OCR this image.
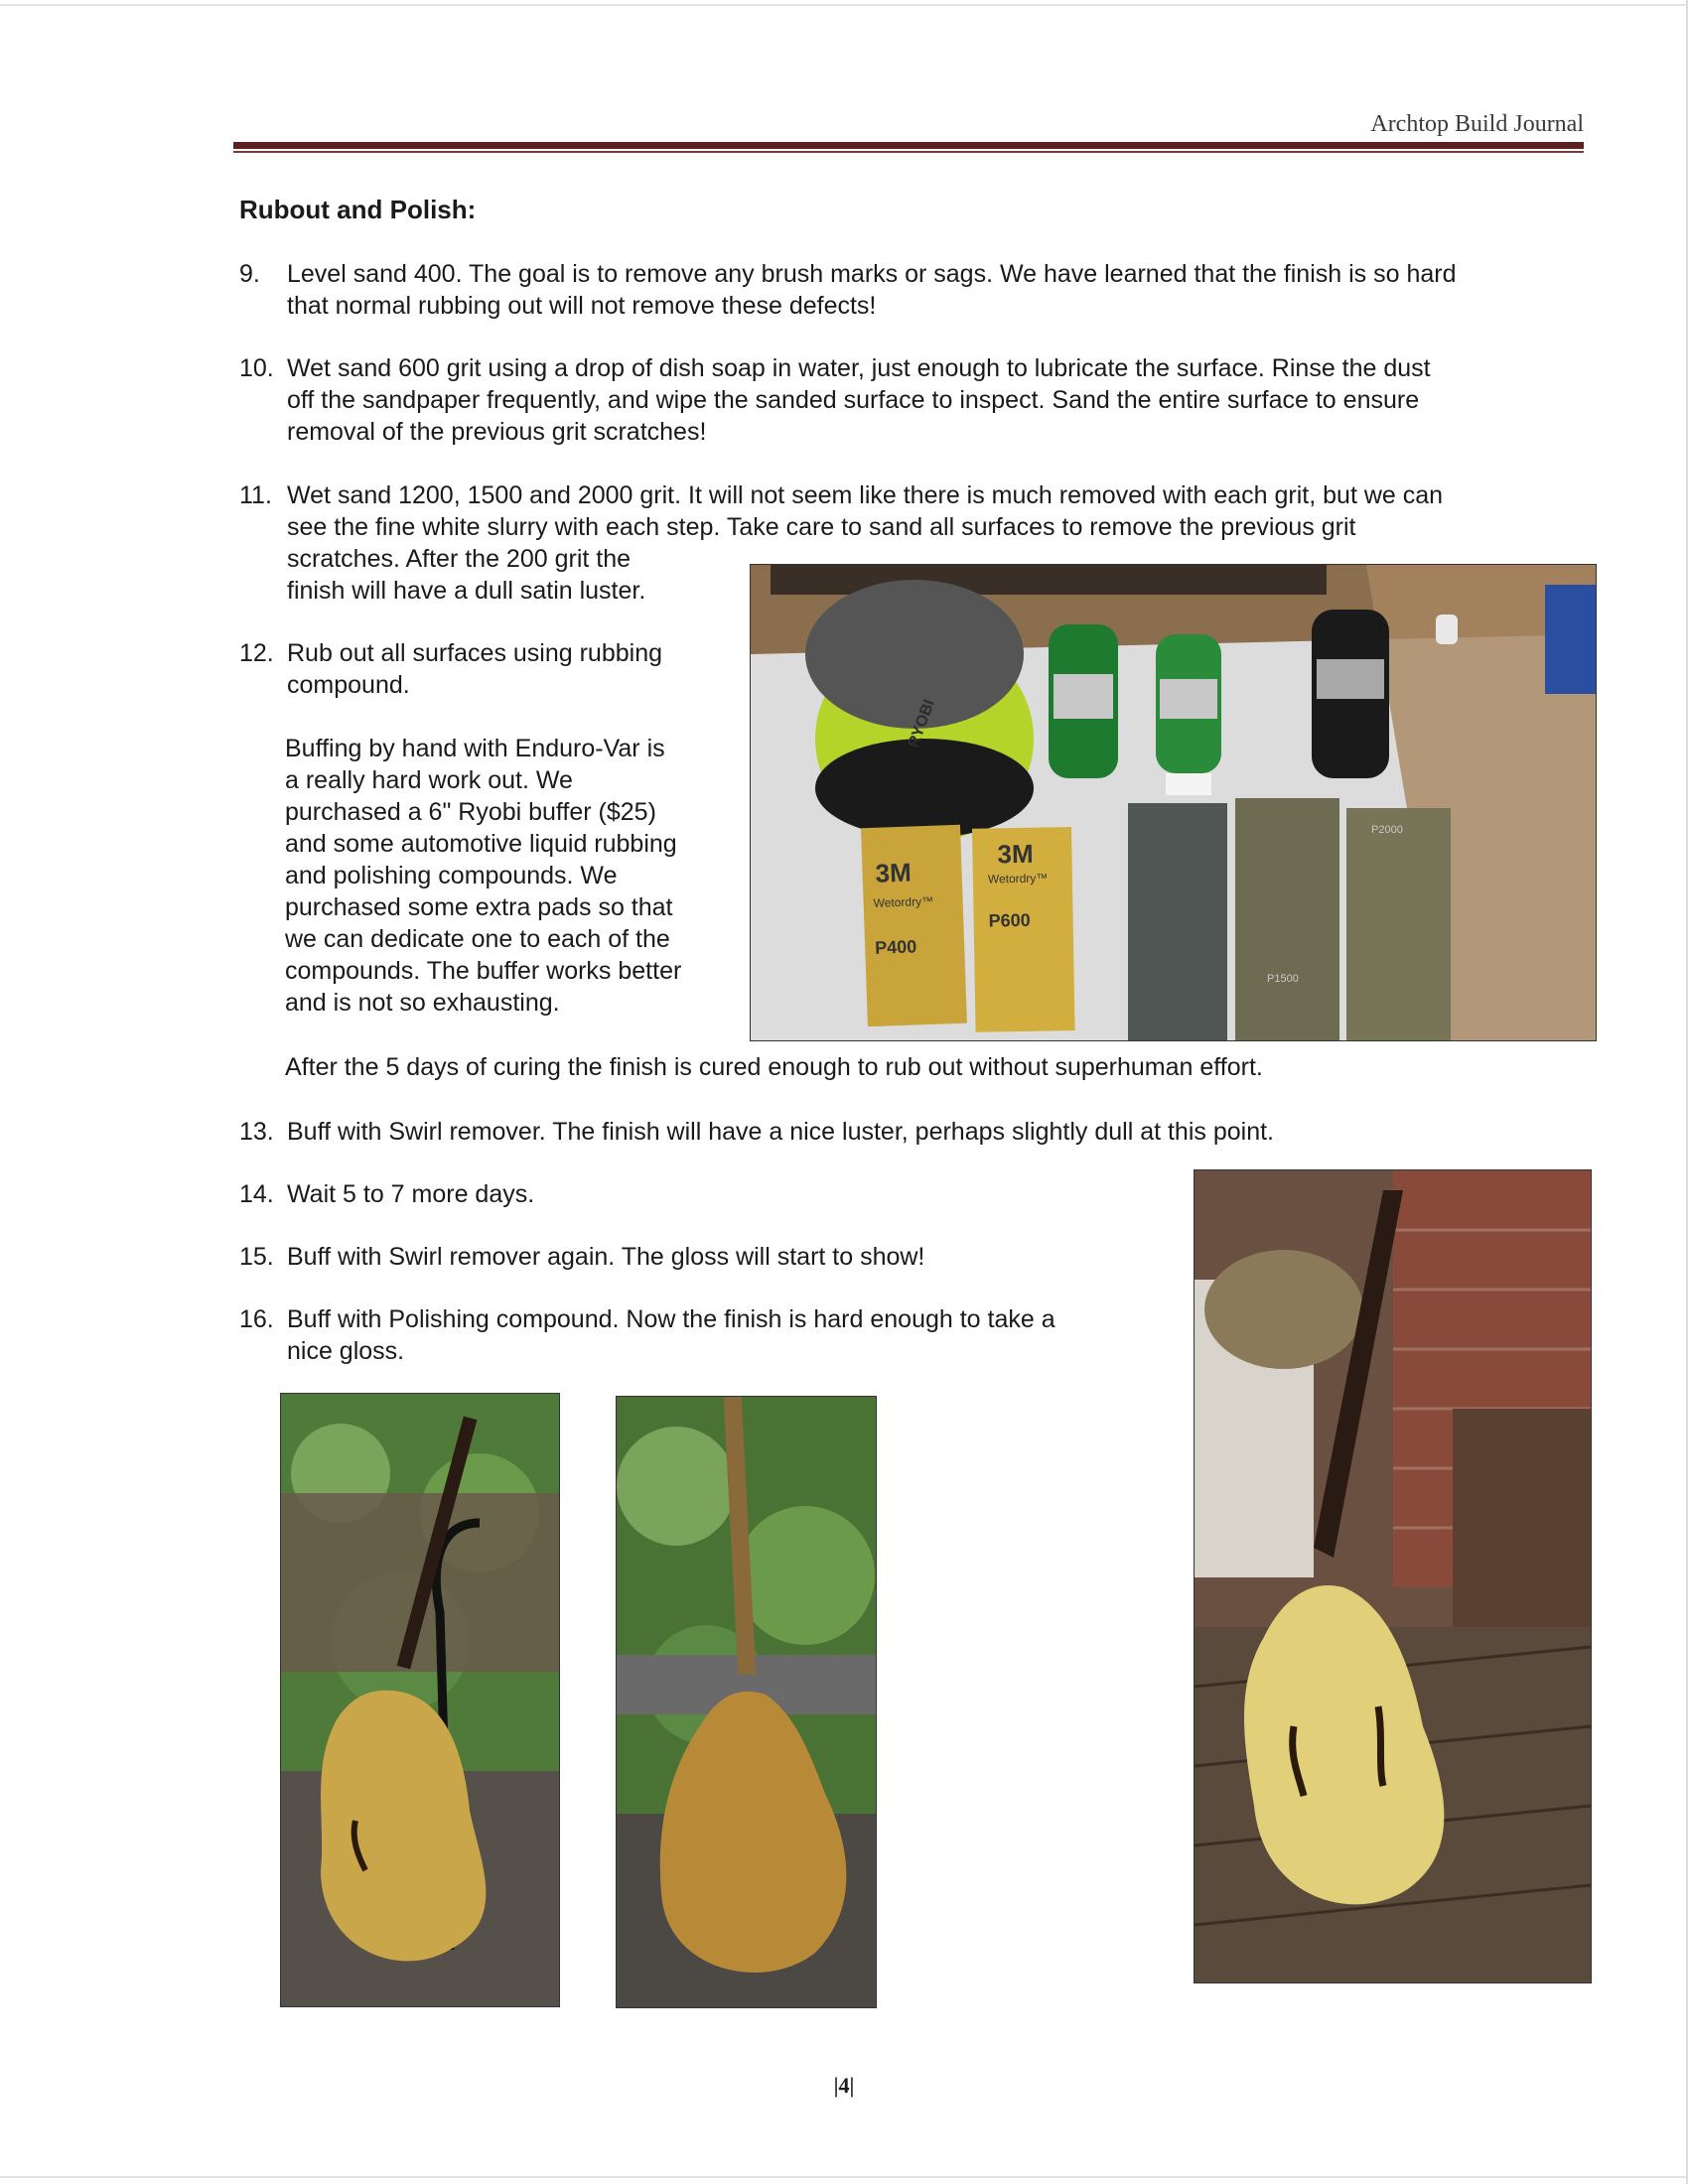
Archtop Build Journal
Rubout and Polish:
9. Level sand 400. The goal is to remove any brush marks or sags. We have learned that the finish is so hard
that normal rubbing out will not remove these defects!
10. Wet sand 600 grit using a drop of dish soap in water, just enough to lubricate the surface. Rinse the dust
off the sandpaper frequently, and wipe the sanded surface to inspect. Sand the entire surface to ensure
removal of the previous grit scratches!
11. Wet sand 1200, 1500 and 2000 grit. It will not seem like there is much removed with each grit, but we can
see the fine white slurry with each step. Take care to sand all surfaces to remove the previous grit
scratches. After the 200 grit the
finish will have a dull satin luster.
12. Rub out all surfaces using rubbing
compound.
Buffing by hand with Enduro-Var is
a really hard work out. We
purchased a 6" Ryobi buffer ($25)
and some automotive liquid rubbing
and polishing compounds. We
purchased some extra pads so that
we can dedicate one to each of the
compounds. The buffer works better
and is not so exhausting.
RYOBI
3M
Wetordry™
P400
3M
Wetordry™
P600
P1500
P2000
After the 5 days of curing the finish is cured enough to rub out without superhuman effort.
13. Buff with Swirl remover. The finish will have a nice luster, perhaps slightly dull at this point.
14. Wait 5 to 7 more days.
15. Buff with Swirl remover again. The gloss will start to show!
16. Buff with Polishing compound. Now the finish is hard enough to take a
nice gloss.
|4|
